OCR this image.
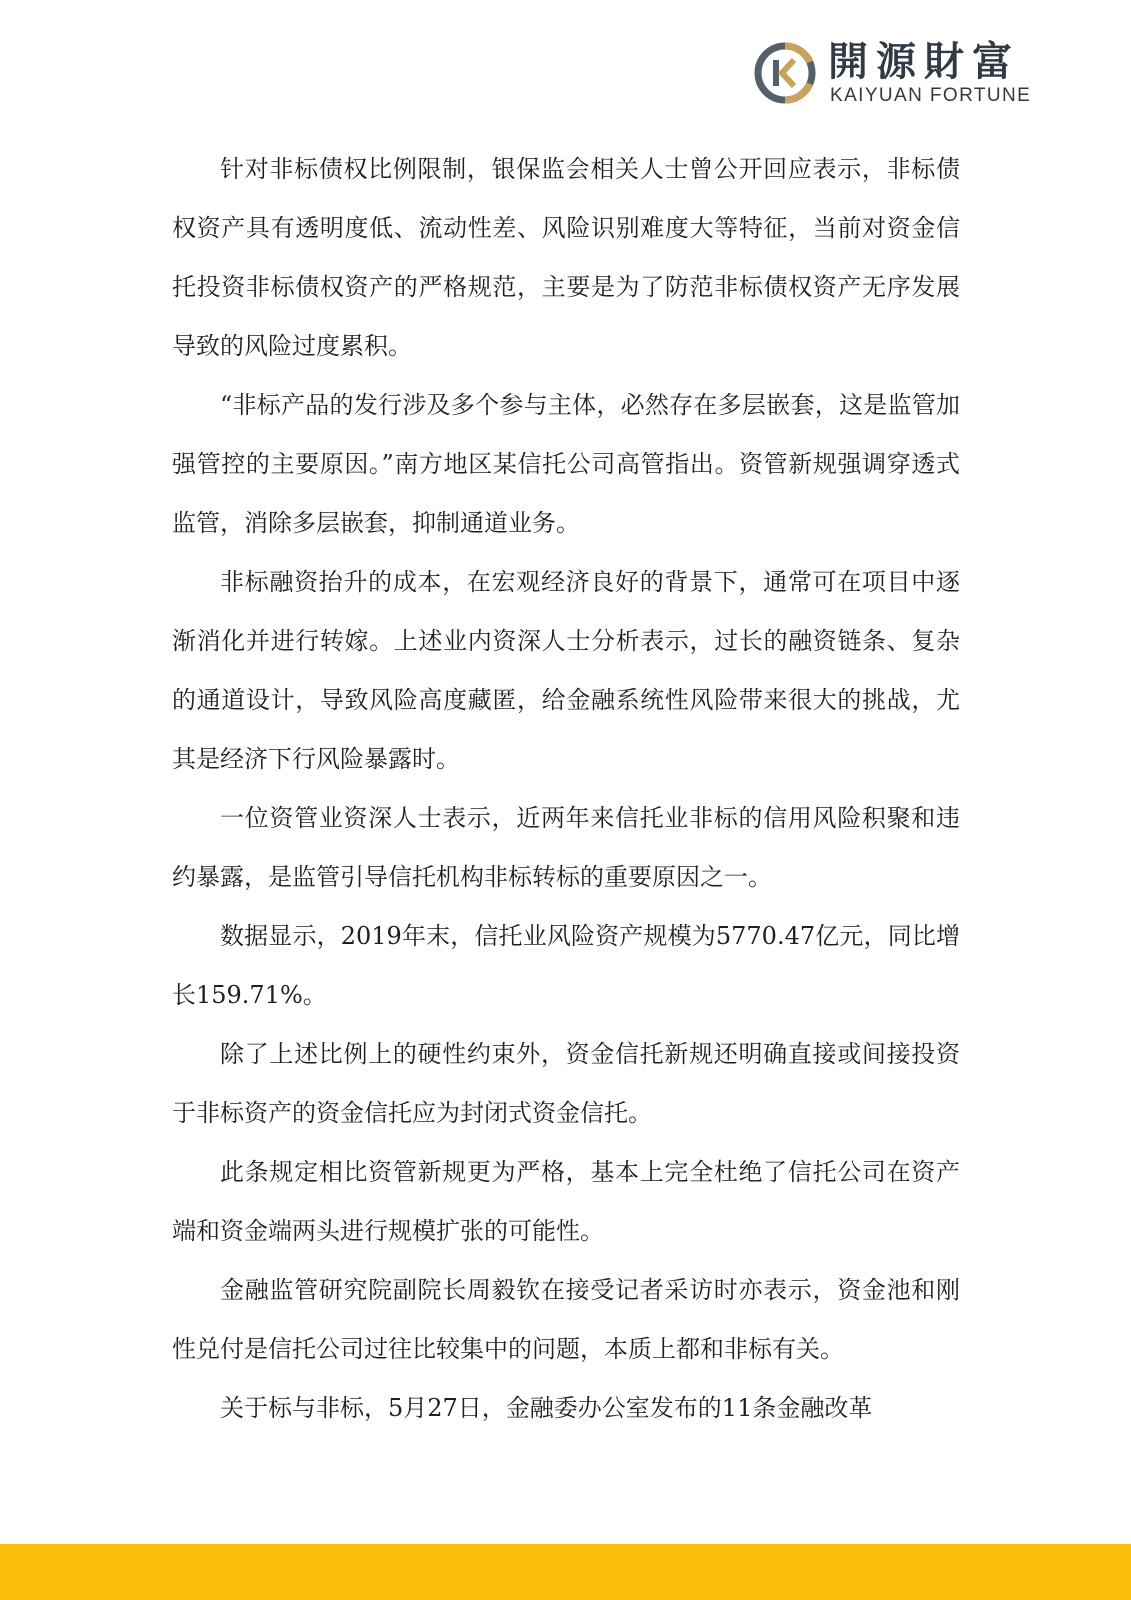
開源財富
KAIYUAN FORTUNE

针对非标债权比例限制，银保监会相关人士曾公开回应表示，非标债权资产具有透明度低、流动性差、风险识别难度大等特征，当前对资金信托投资非标债权资产的严格规范，主要是为了防范非标债权资产无序发展导致的风险过度累积。

“非标产品的发行涉及多个参与主体，必然存在多层嵌套，这是监管加强管控的主要原因。”南方地区某信托公司高管指出。资管新规强调穿透式监管，消除多层嵌套，抑制通道业务。

非标融资抬升的成本，在宏观经济良好的背景下，通常可在项目中逐渐消化并进行转嫁。上述业内资深人士分析表示，过长的融资链条、复杂的通道设计，导致风险高度藏匿，给金融系统性风险带来很大的挑战，尤其是经济下行风险暴露时。

一位资管业资深人士表示，近两年来信托业非标的信用风险积聚和违约暴露，是监管引导信托机构非标转标的重要原因之一。

数据显示，2019年末，信托业风险资产规模为5770.47亿元，同比增长159.71%。

除了上述比例上的硬性约束外，资金信托新规还明确直接或间接投资于非标资产的资金信托应为封闭式资金信托。

此条规定相比资管新规更为严格，基本上完全杜绝了信托公司在资产端和资金端两头进行规模扩张的可能性。

金融监管研究院副院长周毅钦在接受记者采访时亦表示，资金池和刚性兑付是信托公司过往比较集中的问题，本质上都和非标有关。

关于标与非标，5月27日，金融委办公室发布的11条金融改革
